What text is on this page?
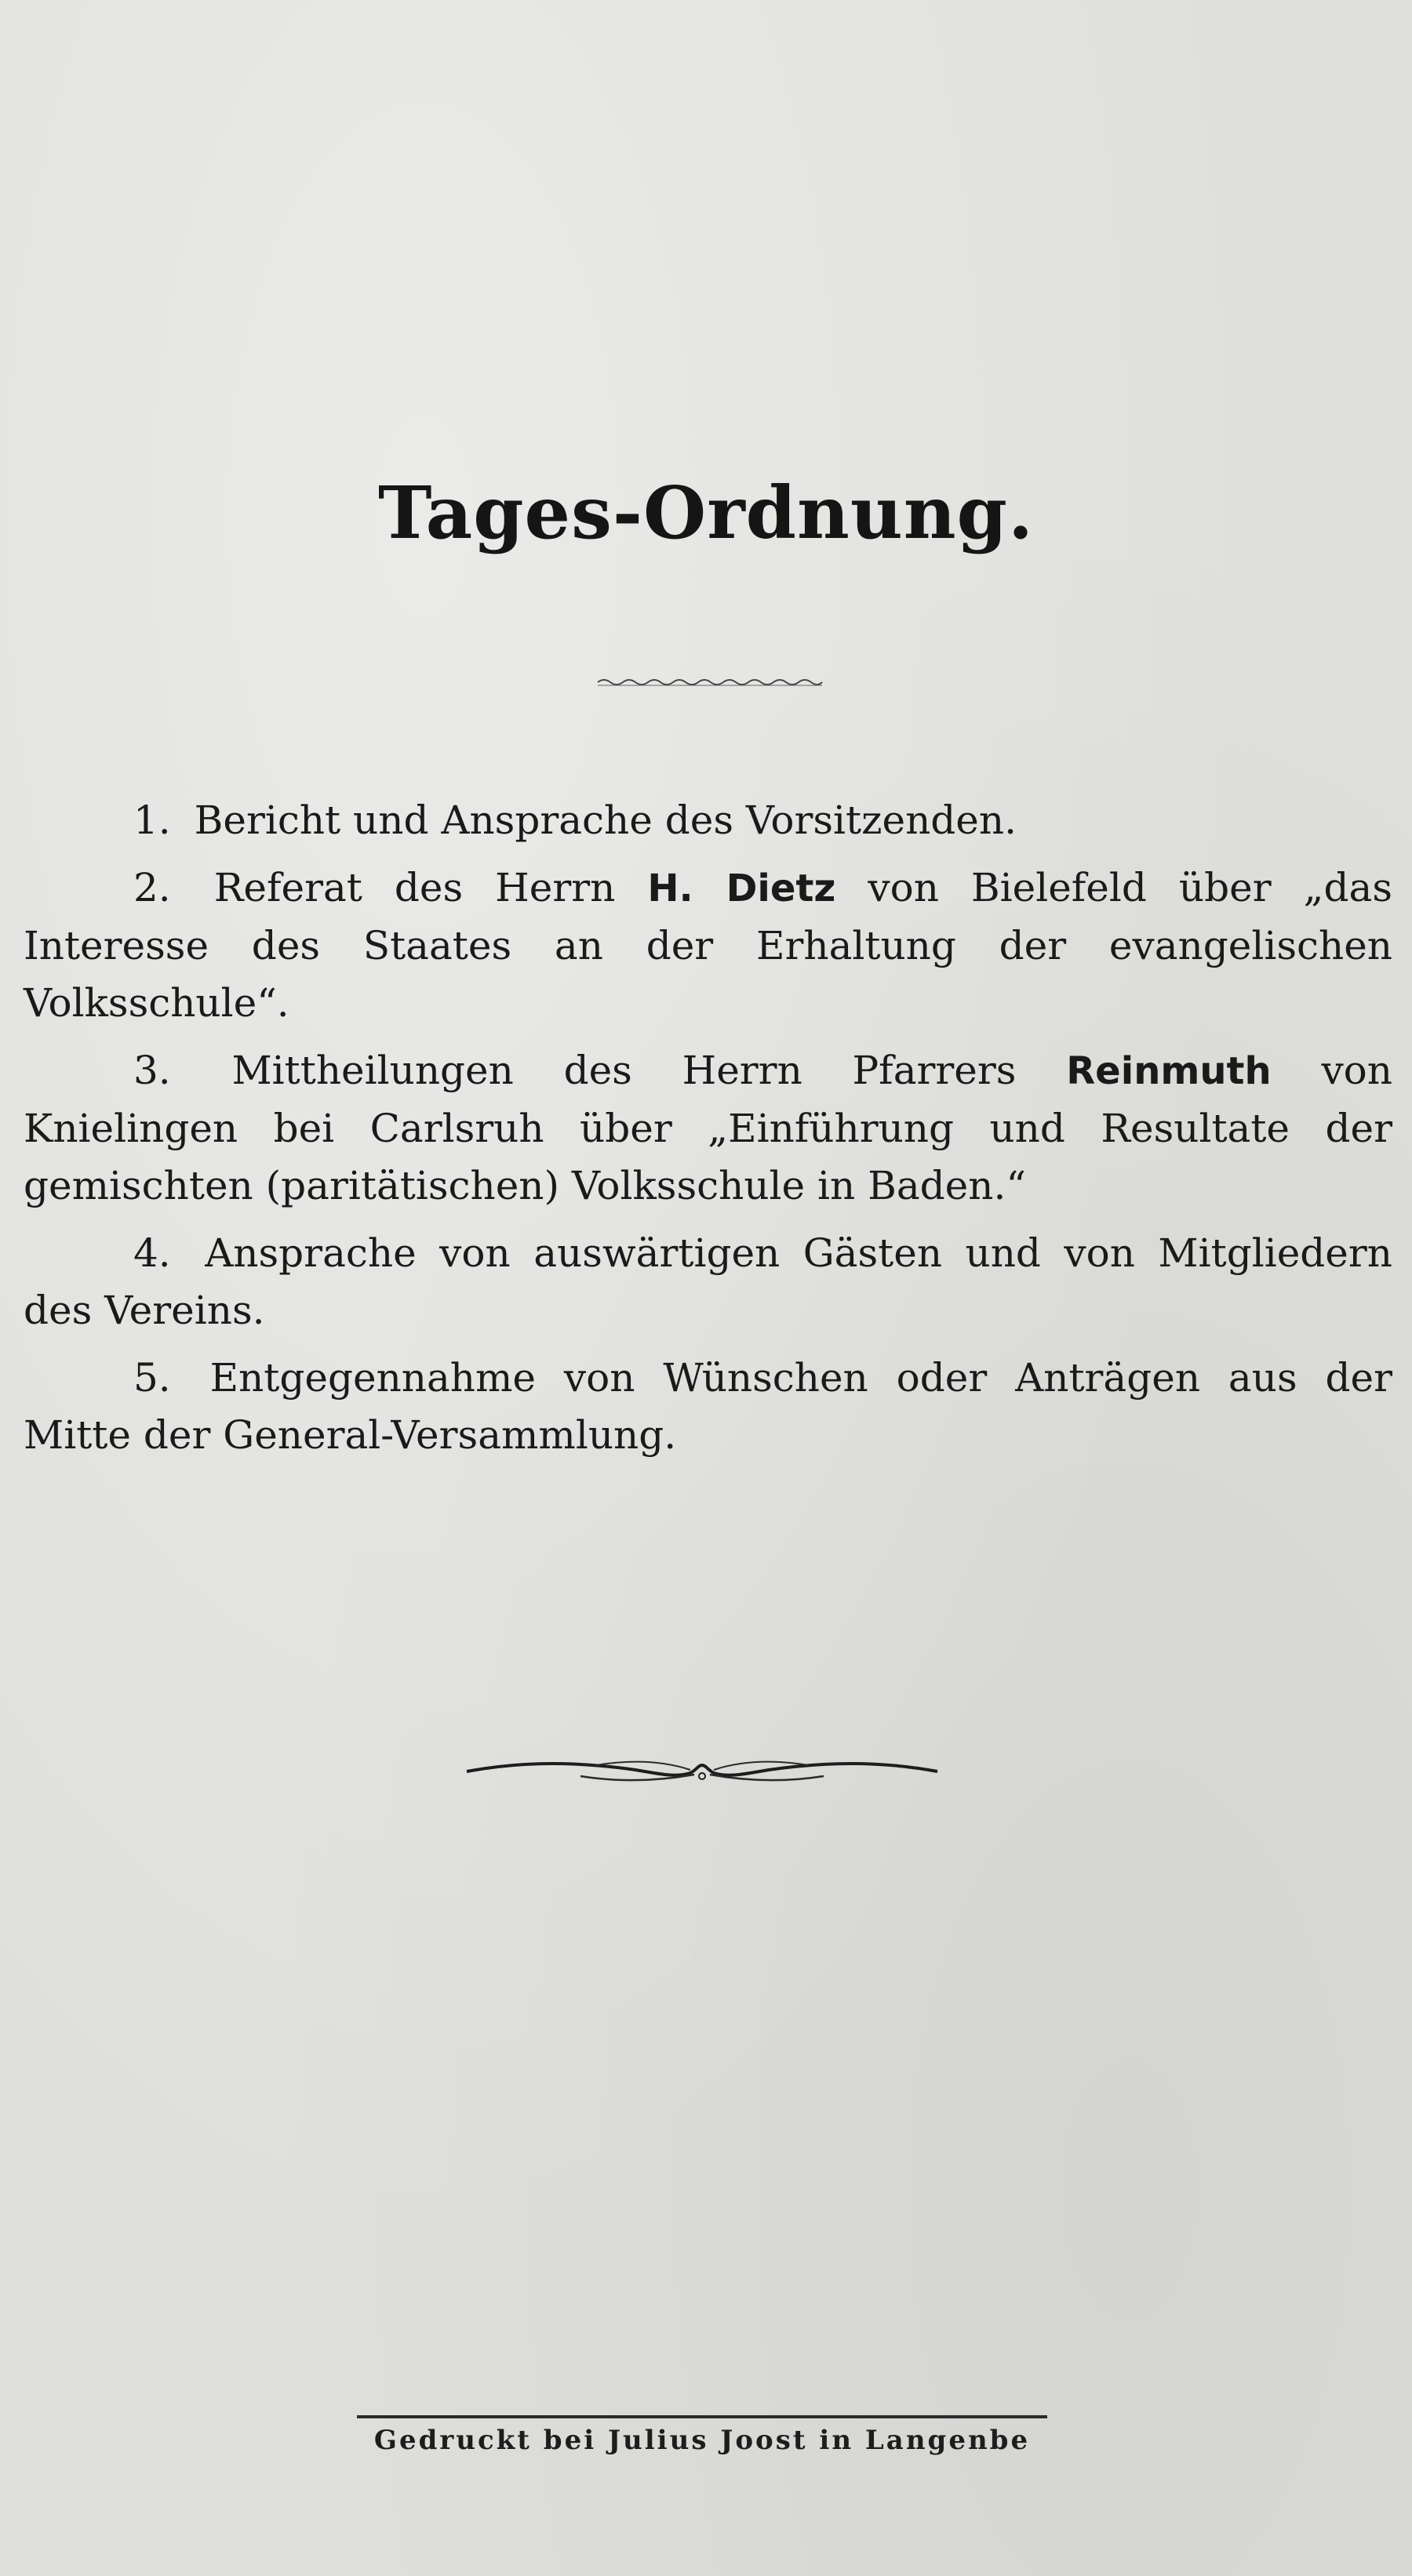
Tages-Ordnung.

1. Bericht und Ansprache des Vorsitzenden.

2. Referat des Herrn H. Dietz von Bielefeld über „das Interesse des Staates an der Erhaltung der evangelischen Volksschule“.

3. Mittheilungen des Herrn Pfarrers Reinmuth von Knielingen bei Carlsruh über „Einführung und Resultate der gemischten (paritätischen) Volksschule in Baden.“

4. Ansprache von auswärtigen Gästen und von Mitgliedern des Vereins.

5. Entgegennahme von Wünschen oder Anträgen aus der Mitte der General-Versammlung.

Gedruckt bei Julius Joost in Langenbe
